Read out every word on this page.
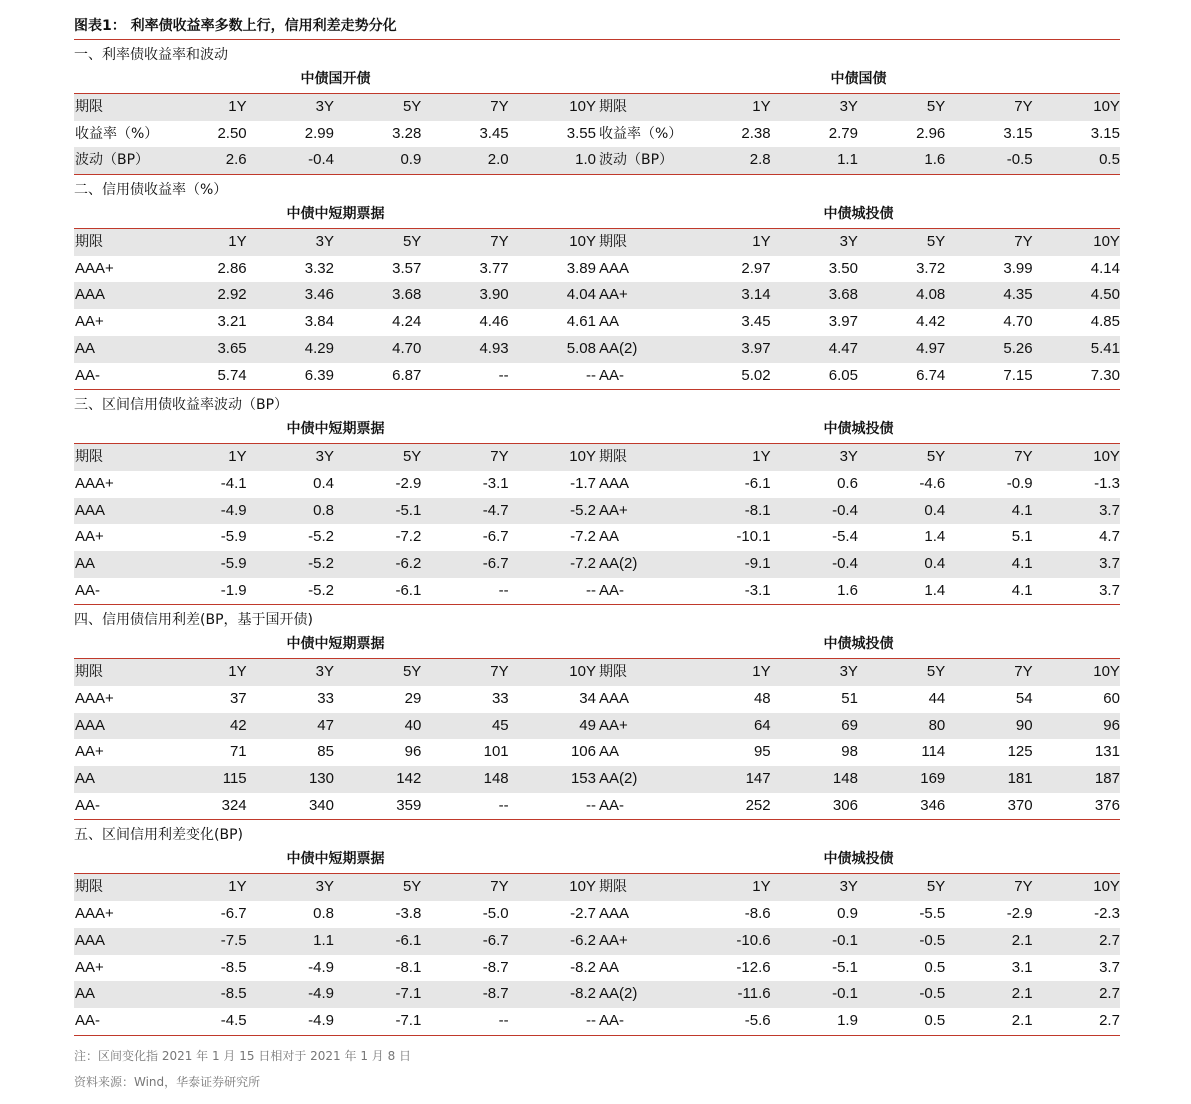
图表1： 利率债收益率多数上行，信用利差走势分化
一、利率债收益率和波动
中债国开债	中债国债
期限	1Y	3Y	5Y	7Y	10Y 期限	1Y	3Y	5Y	7Y	10Y
收益率（%）	2.50	2.99	3.28	3.45	3.55 收益率（%）	2.38	2.79	2.96	3.15	3.15
波动（BP）	2.6	-0.4	0.9	2.0	1.0 波动（BP）	2.8	1.1	1.6	-0.5	0.5
二、信用债收益率（%）
中债中短期票据	中债城投债
期限	1Y	3Y	5Y	7Y	10Y 期限	1Y	3Y	5Y	7Y	10Y
AAA+	2.86	3.32	3.57	3.77	3.89 AAA	2.97	3.50	3.72	3.99	4.14
AAA	2.92	3.46	3.68	3.90	4.04 AA+	3.14	3.68	4.08	4.35	4.50
AA+	3.21	3.84	4.24	4.46	4.61 AA	3.45	3.97	4.42	4.70	4.85
AA	3.65	4.29	4.70	4.93	5.08 AA(2)	3.97	4.47	4.97	5.26	5.41
AA-	5.74	6.39	6.87	--	-- AA-	5.02	6.05	6.74	7.15	7.30
三、区间信用债收益率波动（BP）
中债中短期票据	中债城投债
期限	1Y	3Y	5Y	7Y	10Y 期限	1Y	3Y	5Y	7Y	10Y
AAA+	-4.1	0.4	-2.9	-3.1	-1.7 AAA	-6.1	0.6	-4.6	-0.9	-1.3
AAA	-4.9	0.8	-5.1	-4.7	-5.2 AA+	-8.1	-0.4	0.4	4.1	3.7
AA+	-5.9	-5.2	-7.2	-6.7	-7.2 AA	-10.1	-5.4	1.4	5.1	4.7
AA	-5.9	-5.2	-6.2	-6.7	-7.2 AA(2)	-9.1	-0.4	0.4	4.1	3.7
AA-	-1.9	-5.2	-6.1	--	-- AA-	-3.1	1.6	1.4	4.1	3.7
四、信用债信用利差(BP，基于国开债)
中债中短期票据	中债城投债
期限	1Y	3Y	5Y	7Y	10Y 期限	1Y	3Y	5Y	7Y	10Y
AAA+	37	33	29	33	34 AAA	48	51	44	54	60
AAA	42	47	40	45	49 AA+	64	69	80	90	96
AA+	71	85	96	101	106 AA	95	98	114	125	131
AA	115	130	142	148	153 AA(2)	147	148	169	181	187
AA-	324	340	359	--	-- AA-	252	306	346	370	376
五、区间信用利差变化(BP)
中债中短期票据	中债城投债
期限	1Y	3Y	5Y	7Y	10Y 期限	1Y	3Y	5Y	7Y	10Y
AAA+	-6.7	0.8	-3.8	-5.0	-2.7 AAA	-8.6	0.9	-5.5	-2.9	-2.3
AAA	-7.5	1.1	-6.1	-6.7	-6.2 AA+	-10.6	-0.1	-0.5	2.1	2.7
AA+	-8.5	-4.9	-8.1	-8.7	-8.2 AA	-12.6	-5.1	0.5	3.1	3.7
AA	-8.5	-4.9	-7.1	-8.7	-8.2 AA(2)	-11.6	-0.1	-0.5	2.1	2.7
AA-	-4.5	-4.9	-7.1	--	-- AA-	-5.6	1.9	0.5	2.1	2.7
注：区间变化指 2021 年 1 月 15 日相对于 2021 年 1 月 8 日
资料来源：Wind，华泰证券研究所
